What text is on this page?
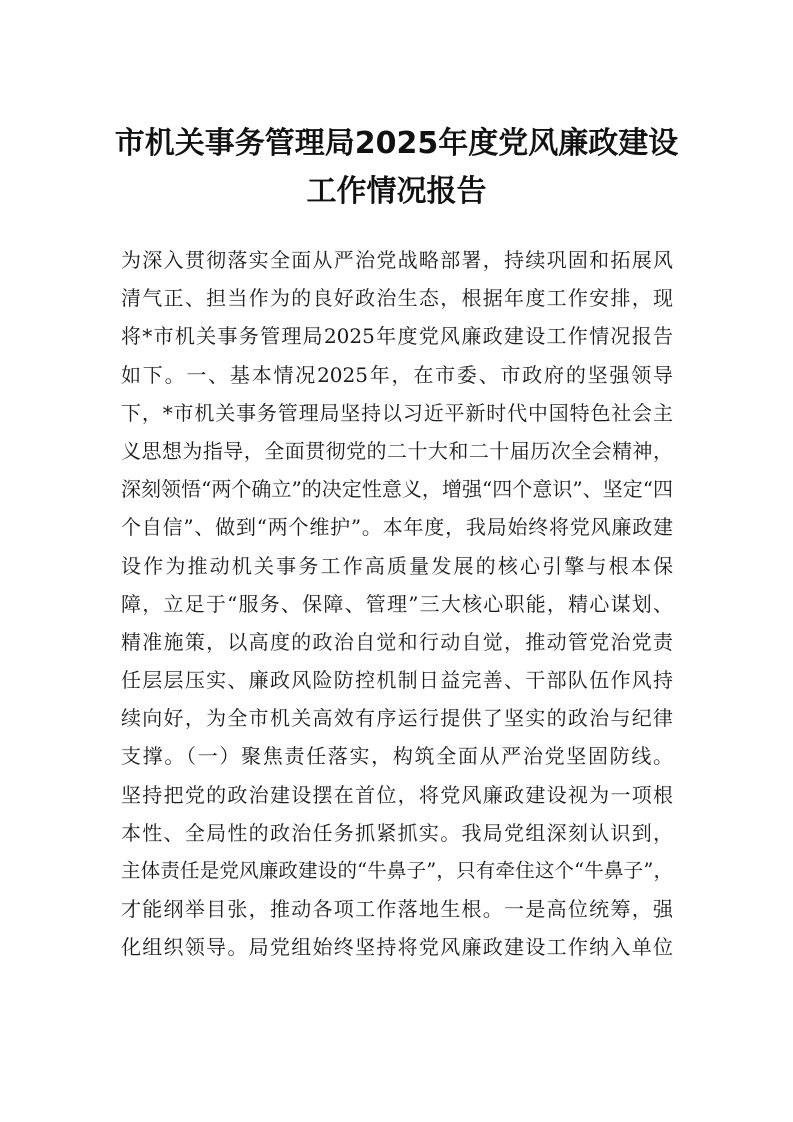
市机关事务管理局2025年度党风廉政建设
工作情况报告
为深入贯彻落实全面从严治党战略部署，持续巩固和拓展风
清气正、担当作为的良好政治生态，根据年度工作安排，现
将*市机关事务管理局2025年度党风廉政建设工作情况报告
如下。一、基本情况2025年，在市委、市政府的坚强领导
下，*市机关事务管理局坚持以习近平新时代中国特色社会主
义思想为指导，全面贯彻党的二十大和二十届历次全会精神，
深刻领悟“两个确立”的决定性意义，增强“四个意识”、坚定“四
个自信”、做到“两个维护”。本年度，我局始终将党风廉政建
设作为推动机关事务工作高质量发展的核心引擎与根本保
障，立足于“服务、保障、管理”三大核心职能，精心谋划、
精准施策，以高度的政治自觉和行动自觉，推动管党治党责
任层层压实、廉政风险防控机制日益完善、干部队伍作风持
续向好，为全市机关高效有序运行提供了坚实的政治与纪律
支撑。（一）聚焦责任落实，构筑全面从严治党坚固防线。
坚持把党的政治建设摆在首位，将党风廉政建设视为一项根
本性、全局性的政治任务抓紧抓实。我局党组深刻认识到，
主体责任是党风廉政建设的“牛鼻子”，只有牵住这个“牛鼻子”，
才能纲举目张，推动各项工作落地生根。一是高位统筹，强
化组织领导。局党组始终坚持将党风廉政建设工作纳入单位
